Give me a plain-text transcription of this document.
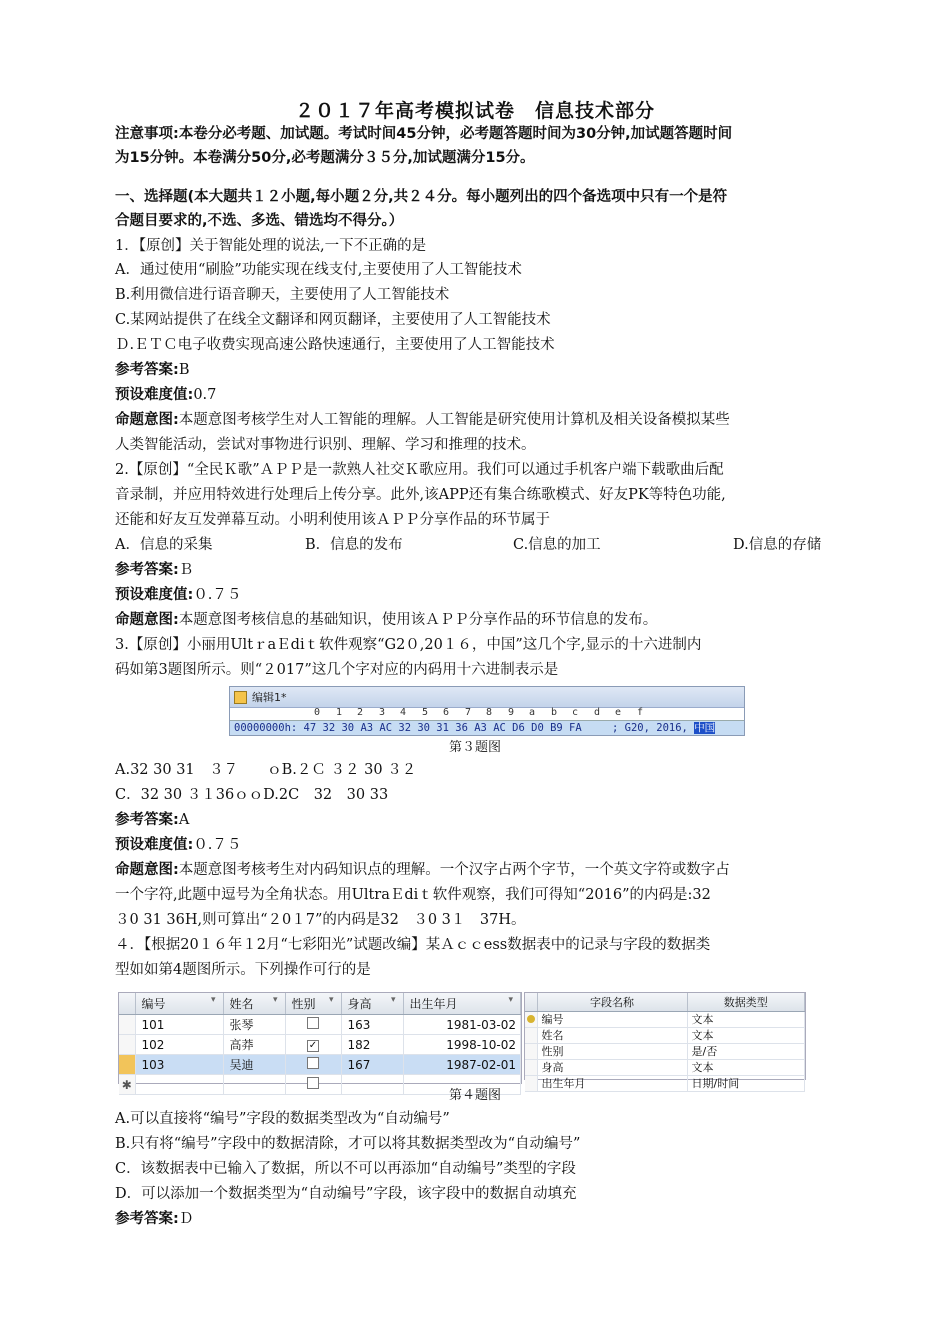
２０１７年高考模拟试卷　信息技术部分
注意事项:本卷分必考题、加试题。考试时间45分钟，必考题答题时间为30分钟,加试题答题时间
为15分钟。本卷满分50分,必考题满分３５分,加试题满分15分。
一、选择题(本大题共１２小题,每小题２分,共２４分。每小题列出的四个备选项中只有一个是符
合题目要求的,不选、多选、错选均不得分。）
1．【原创】关于智能处理的说法,一下不正确的是
A．通过使用“刷脸”功能实现在线支付,主要使用了人工智能技术
B.利用微信进行语音聊天，主要使用了人工智能技术
C.某网站提供了在线全文翻译和网页翻译，主要使用了人工智能技术
Ｄ.ＥＴＣ电子收费实现高速公路快速通行，主要使用了人工智能技术
参考答案:B
预设难度值:0.7
命题意图:本题意图考核学生对人工智能的理解。人工智能是研究使用计算机及相关设备模拟某些
人类智能活动，尝试对事物进行识别、理解、学习和推理的技术。
2.【原创】“全民Ｋ歌”ＡＰＰ是一款熟人社交Ｋ歌应用。我们可以通过手机客户端下载歌曲后配
音录制，并应用特效进行处理后上传分享。此外,该APP还有集合练歌模式、好友PK等特色功能,
还能和好友互发弹幕互动。小明利使用该ＡＰＰ分享作品的环节属于
A．信息的采集	B．信息的发布	C.信息的加工	D.信息的存储
参考答案:Ｂ
预设难度值:０.７５
命题意图:本题意图考核信息的基础知识，使用该ＡＰＰ分享作品的环节信息的发布。
3.【原创】小丽用UltｒaＥdiｔ软件观察“G2０,20１６，中国”这几个字,显示的十六进制内
码如第3题图所示。则“２017”这几个字对应的内码用十六进制表示是
编辑1*
0 1 2 3 4 5 6 7 8 9 a b c d e f
00000000h: 47 32 30 A3 AC 32 30 31 36 A3 AC D6 D0 B9 FA	; G20, 2016, 中国
第３题图
A.32 30 31　３７　　ｏB.２Ｃ ３２ 30 ３２
C．32 30 ３１36ｏｏD.2C　32　30 33
参考答案:A
预设难度值:０.７５
命题意图:本题意图考核考生对内码知识点的理解。一个汉字占两个字节，一个英文字符或数字占
一个字符,此题中逗号为全角状态。用UltraＥdiｔ软件观察，我们可得知“2016”的内码是:32
３0 31 36H,则可算出“２0１7”的内码是32　３0 3１　37H。
４．【根据20１６年１2月“七彩阳光”试题改编】某Ａｃｃess数据表中的记录与字段的数据类
型如如第4题图所示。下列操作可行的是
	编号 ▾	姓名 ▾	性别 ▾	身高 ▾	出生年月 ▾

	101	张琴		163	1981-03-02
	102	高莽	✓	182	1998-10-02
	103	吴迪		167	1987-02-01
✱					
	字段名称	数据类型
	编号	文本
	姓名	文本
	性别	是/否
	身高	文本
	出生年月	日期/时间
第４题图
A.可以直接将“编号”字段的数据类型改为“自动编号”
B.只有将“编号”字段中的数据清除，才可以将其数据类型改为“自动编号”
C．该数据表中已输入了数据，所以不可以再添加“自动编号”类型的字段
D．可以添加一个数据类型为“自动编号”字段，该字段中的数据自动填充
参考答案:Ｄ
